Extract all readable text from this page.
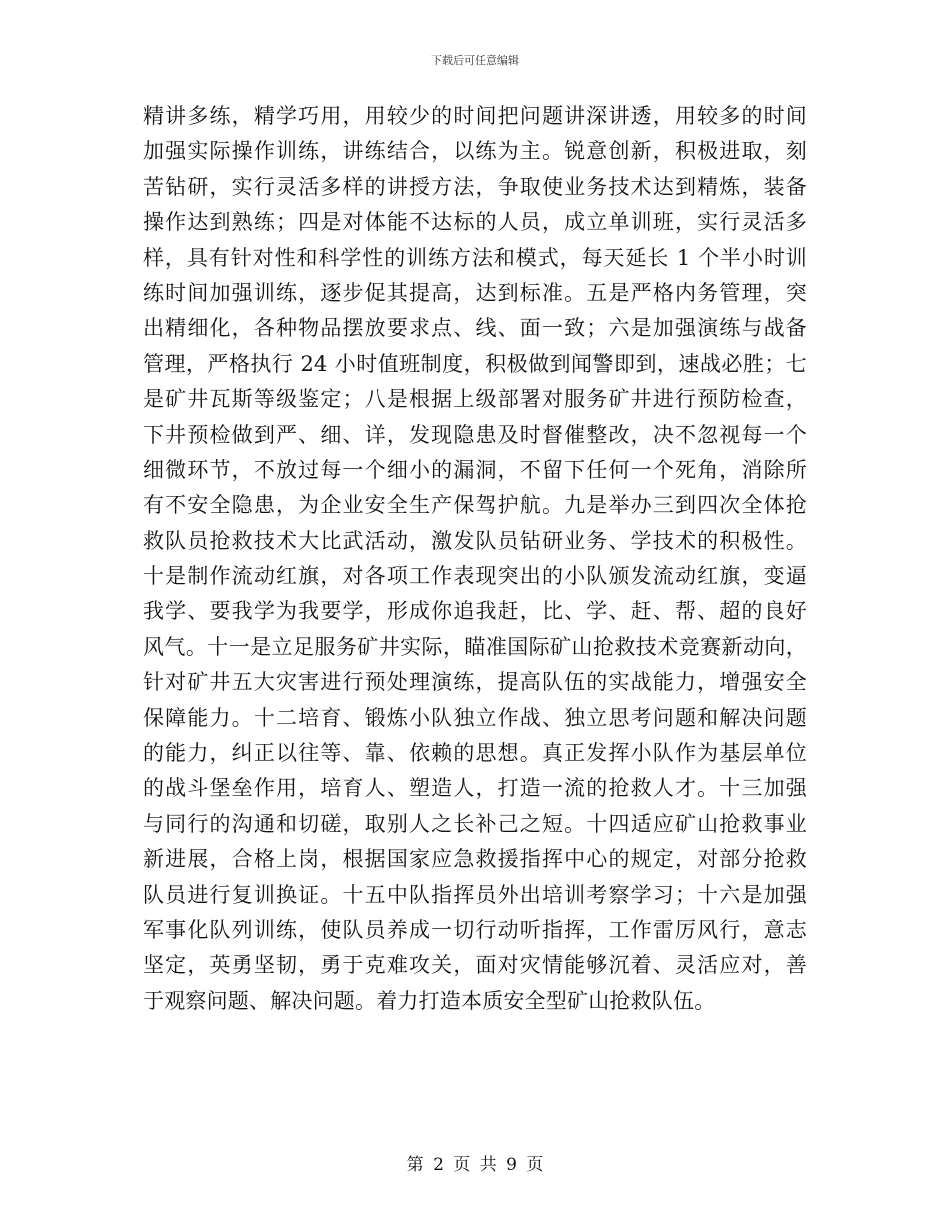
下载后可任意编辑
精讲多练，精学巧用，用较少的时间把问题讲深讲透，用较多的时间
加强实际操作训练，讲练结合，以练为主。锐意创新，积极进取，刻
苦钻研，实行灵活多样的讲授方法，争取使业务技术达到精炼，装备
操作达到熟练；四是对体能不达标的人员，成立单训班，实行灵活多
样，具有针对性和科学性的训练方法和模式，每天延长 1 个半小时训
练时间加强训练，逐步促其提高，达到标准。五是严格内务管理，突
出精细化，各种物品摆放要求点、线、面一致；六是加强演练与战备
管理，严格执行 24 小时值班制度，积极做到闻警即到，速战必胜；七
是矿井瓦斯等级鉴定；八是根据上级部署对服务矿井进行预防检查，
下井预检做到严、细、详，发现隐患及时督催整改，决不忽视每一个
细微环节，不放过每一个细小的漏洞，不留下任何一个死角，消除所
有不安全隐患，为企业安全生产保驾护航。九是举办三到四次全体抢
救队员抢救技术大比武活动，激发队员钻研业务、学技术的积极性。
十是制作流动红旗，对各项工作表现突出的小队颁发流动红旗，变逼
我学、要我学为我要学，形成你追我赶，比、学、赶、帮、超的良好
风气。十一是立足服务矿井实际，瞄准国际矿山抢救技术竞赛新动向，
针对矿井五大灾害进行预处理演练，提高队伍的实战能力，增强安全
保障能力。十二培育、锻炼小队独立作战、独立思考问题和解决问题
的能力，纠正以往等、靠、依赖的思想。真正发挥小队作为基层单位
的战斗堡垒作用，培育人、塑造人，打造一流的抢救人才。十三加强
与同行的沟通和切磋，取别人之长补己之短。十四适应矿山抢救事业
新进展，合格上岗，根据国家应急救援指挥中心的规定，对部分抢救
队员进行复训换证。十五中队指挥员外出培训考察学习；十六是加强
军事化队列训练，使队员养成一切行动听指挥，工作雷厉风行，意志
坚定，英勇坚韧，勇于克难攻关，面对灾情能够沉着、灵活应对，善
于观察问题、解决问题。着力打造本质安全型矿山抢救队伍。
第 2 页 共 9 页
